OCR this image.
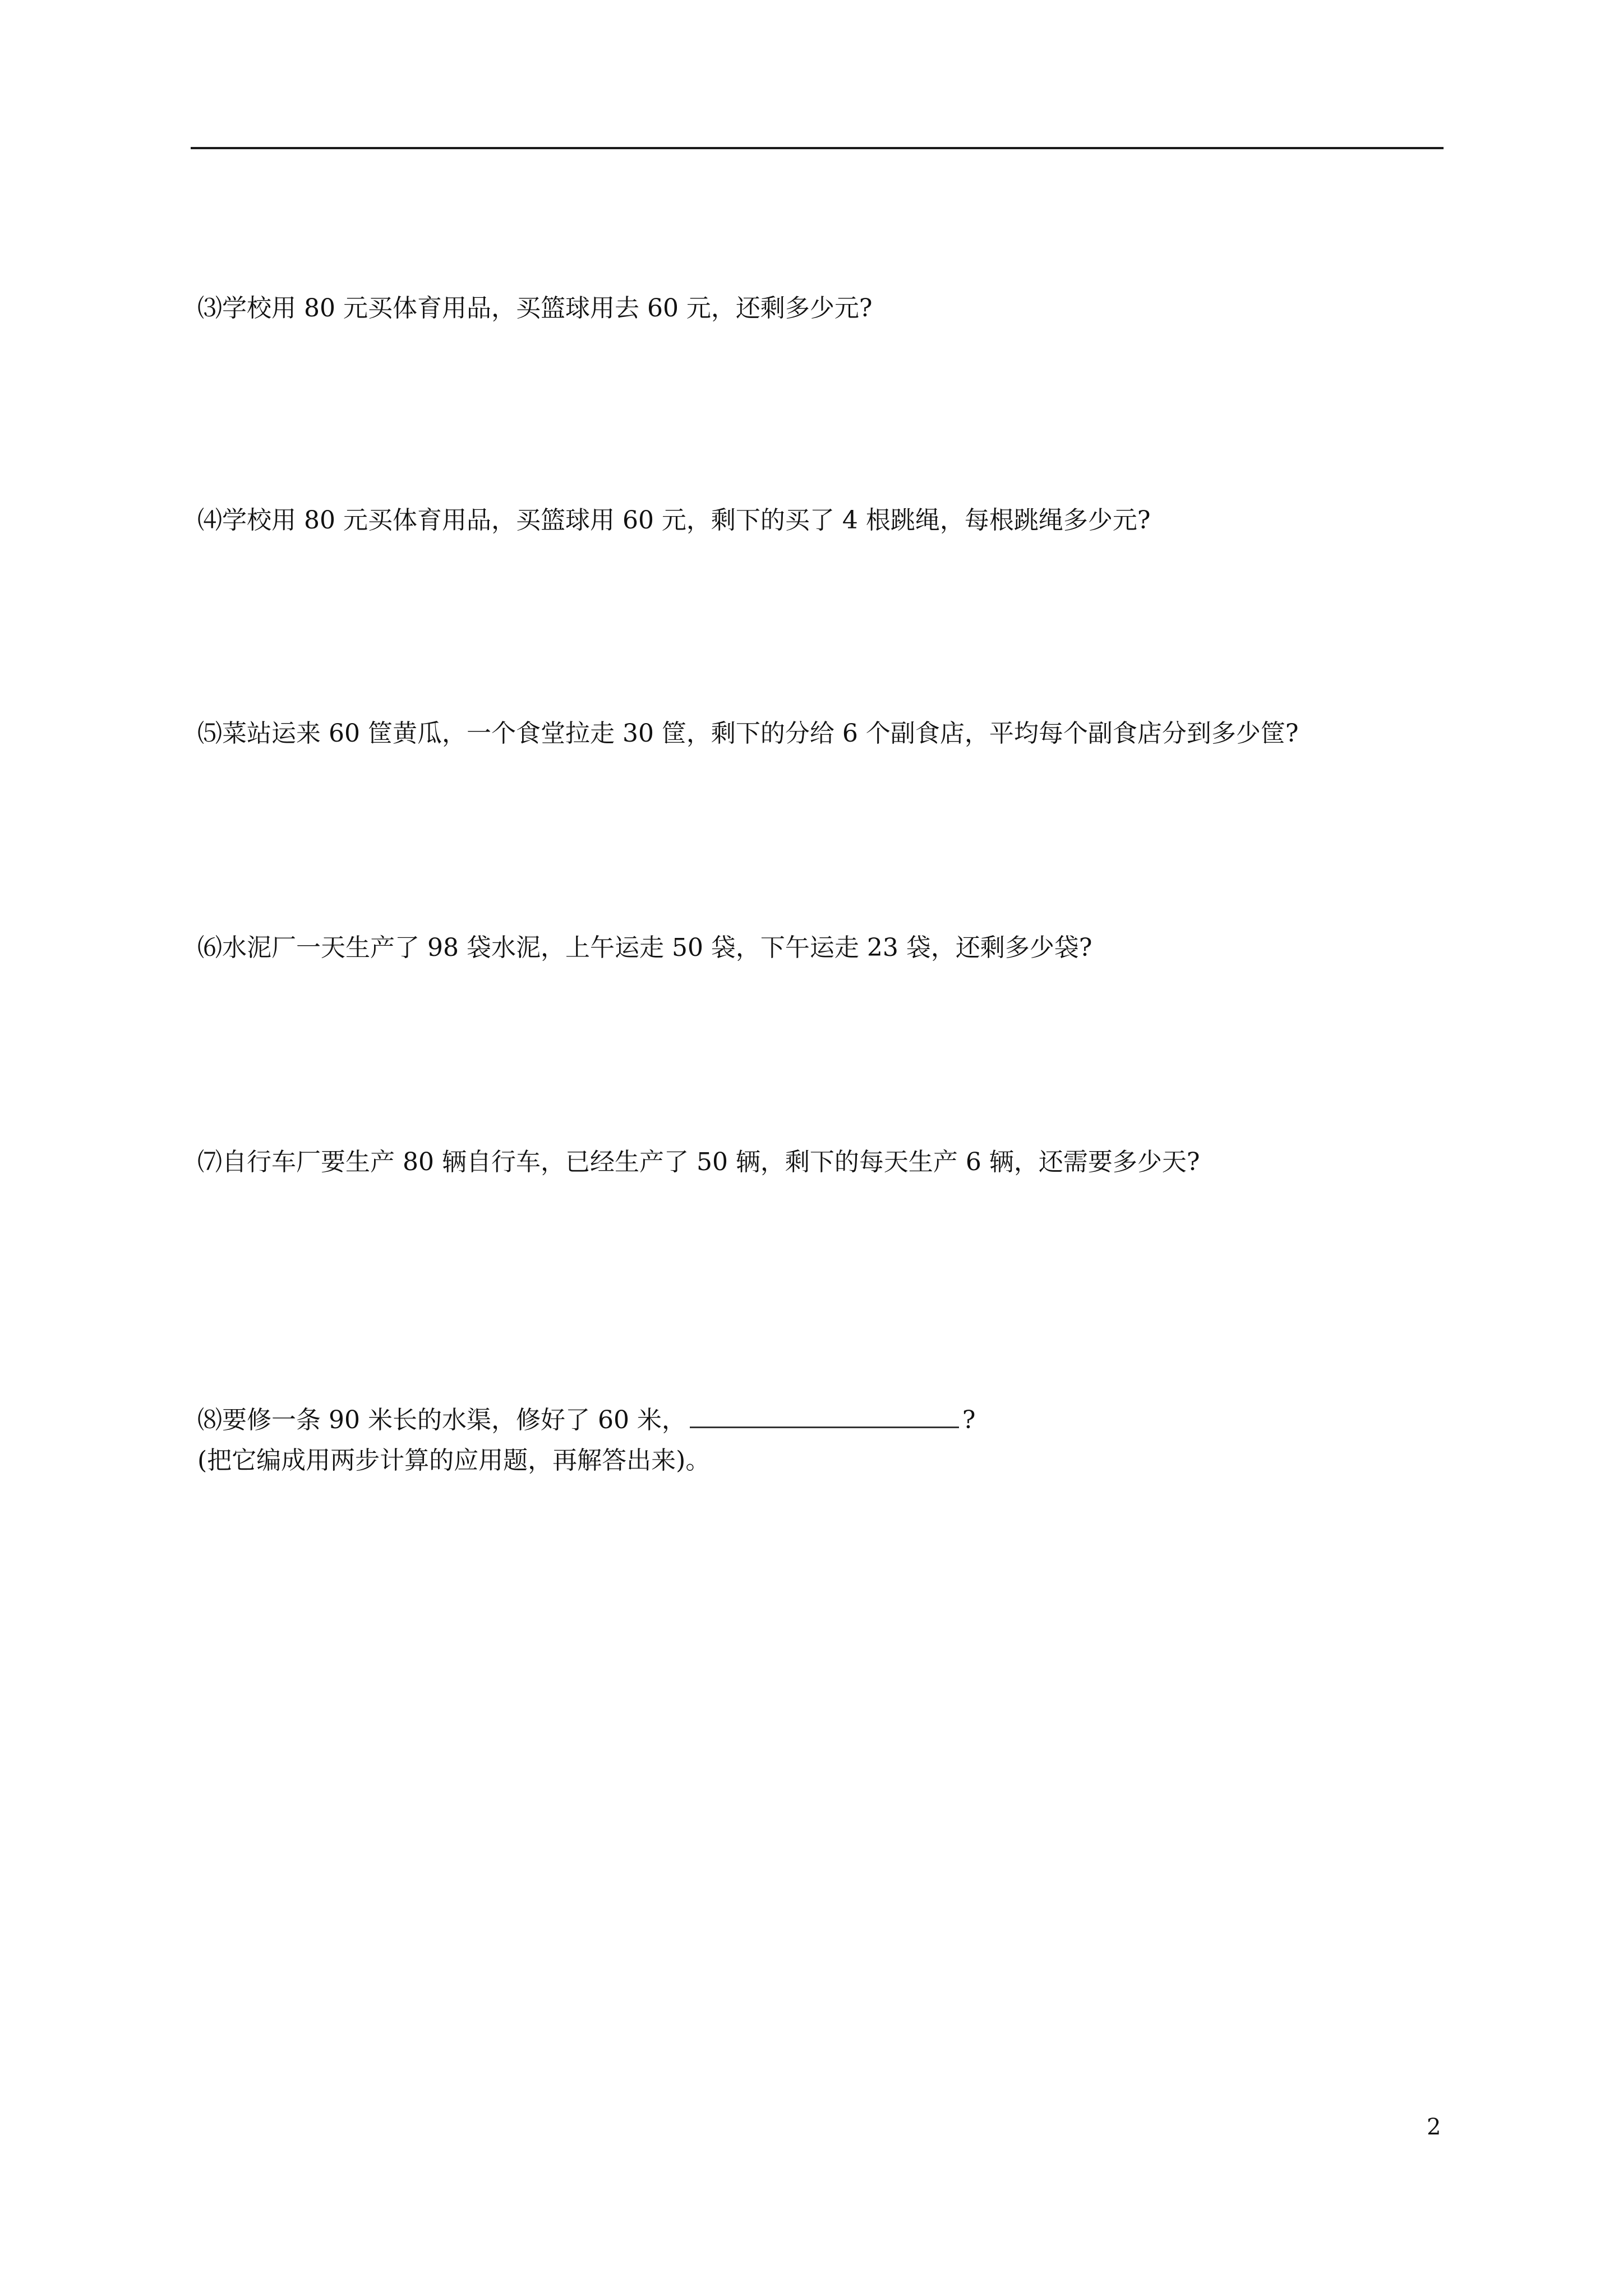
⑶学校用 80 元买体育用品，买篮球用去 60 元，还剩多少元?
⑷学校用 80 元买体育用品，买篮球用 60 元，剩下的买了 4 根跳绳，每根跳绳多少元?
⑸菜站运来 60 筐黄瓜，一个食堂拉走 30 筐，剩下的分给 6 个副食店，平均每个副食店分到多少筐?
⑹水泥厂一天生产了 98 袋水泥，上午运走 50 袋，下午运走 23 袋，还剩多少袋?
⑺自行车厂要生产 80 辆自行车，已经生产了 50 辆，剩下的每天生产 6 辆，还需要多少天?
⑻要修一条 90 米长的水渠，修好了 60 米，	?
(把它编成用两步计算的应用题，再解答出来)。
2
